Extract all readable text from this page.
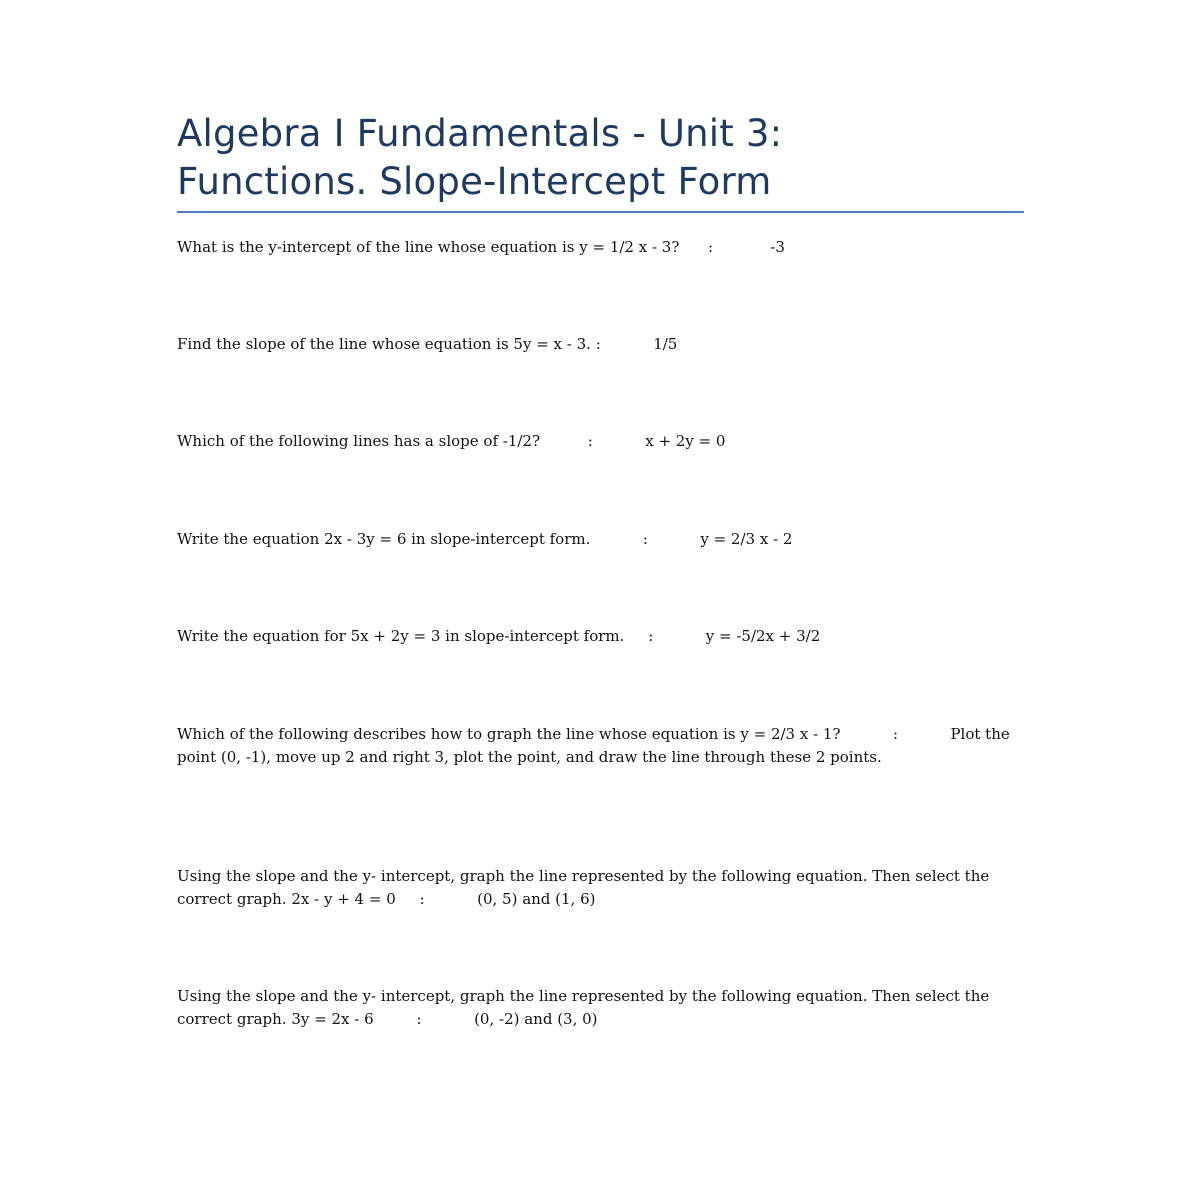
Algebra I Fundamentals - Unit 3:
Functions. Slope-Intercept Form
What is the y-intercept of the line whose equation is y = 1/2 x - 3?      :            -3
Find the slope of the line whose equation is 5y = x - 3. :	1/5
Which of the following lines has a slope of -1/2?          :           x + 2y = 0
Write the equation 2x - 3y = 6 in slope-intercept form.           :           y = 2/3 x - 2
Write the equation for 5x + 2y = 3 in slope-intercept form.     :           y = -5/2x + 3/2
Which of the following describes how to graph the line whose equation is y = 2/3 x - 1?           :           Plot the point (0, -1), move up 2 and right 3, plot the point, and draw the line through these 2 points.
Using the slope and the y- intercept, graph the line represented by the following equation. Then select the correct graph. 2x - y + 4 = 0     :           (0, 5) and (1, 6)
Using the slope and the y- intercept, graph the line represented by the following equation. Then select the correct graph. 3y = 2x - 6         :           (0, -2) and (3, 0)
